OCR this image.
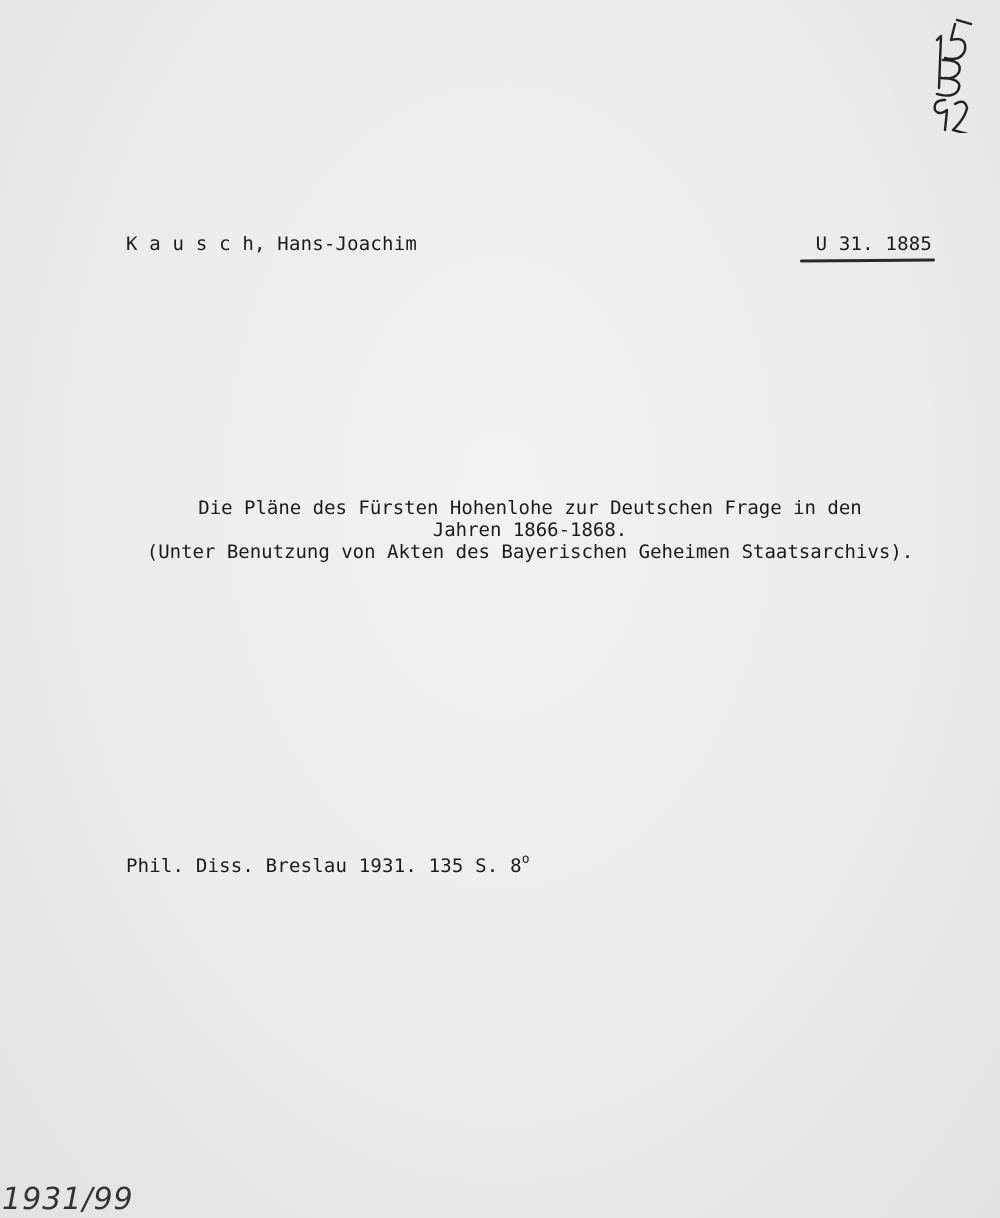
K a u s c h, Hans-Joachim	U 31. 1885
Die Pläne des Fürsten Hohenlohe zur Deutschen Frage in den
Jahren 1866-1868.
(Unter Benutzung von Akten des Bayerischen Geheimen Staatsarchivs).
Phil. Diss. Breslau 1931. 135 S. 8$^o$
1931/99
